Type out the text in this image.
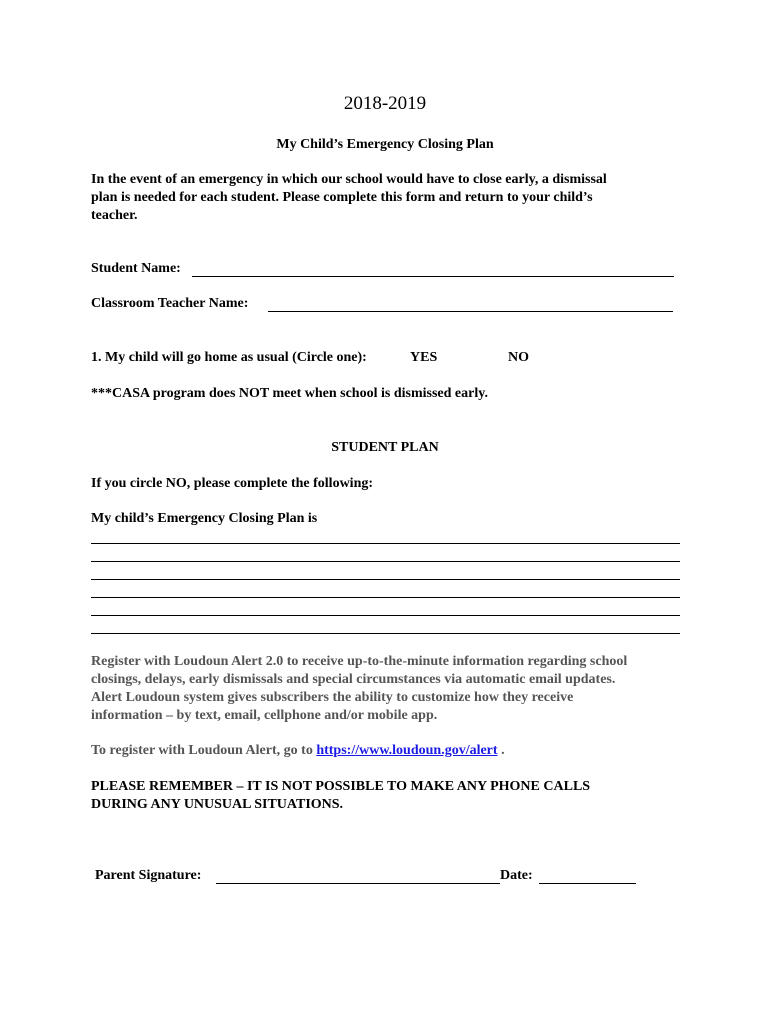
2018-2019
My Child’s Emergency Closing Plan
In the event of an emergency in which our school would have to close early, a dismissal
plan is needed for each student. Please complete this form and return to your child’s
teacher.
Student Name:
Classroom Teacher Name:
1. My child will go home as usual (Circle one):	YES	NO
***CASA program does NOT meet when school is dismissed early.
STUDENT PLAN
If you circle NO, please complete the following:
My child’s Emergency Closing Plan is
Register with Loudoun Alert 2.0 to receive up-to-the-minute information regarding school
closings, delays, early dismissals and special circumstances via automatic email updates.
Alert Loudoun system gives subscribers the ability to customize how they receive
information – by text, email, cellphone and/or mobile app.
To register with Loudoun Alert, go to https://www.loudoun.gov/alert .
PLEASE REMEMBER – IT IS NOT POSSIBLE TO MAKE ANY PHONE CALLS
DURING ANY UNUSUAL SITUATIONS.
Parent Signature:	Date:
